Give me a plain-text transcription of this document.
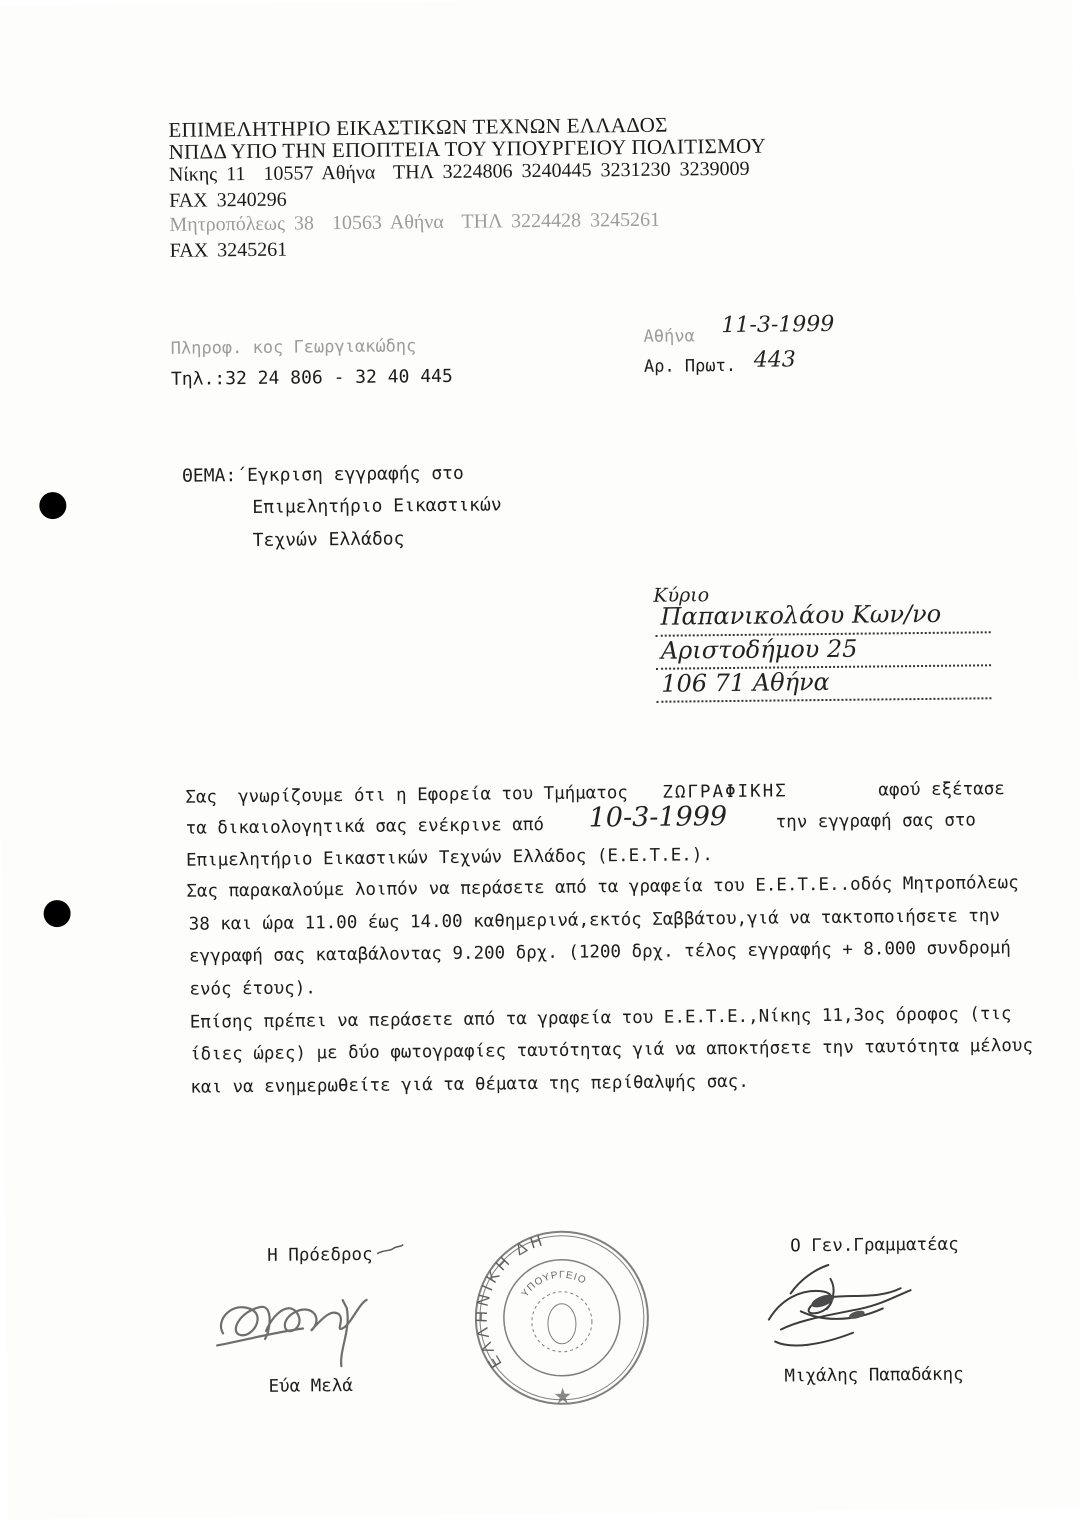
ΕΠΙΜΕΛΗΤΗΡΙΟ ΕΙΚΑΣΤΙΚΩΝ ΤΕΧΝΩΝ ΕΛΛΑΔΟΣ
ΝΠΔΔ ΥΠΟ ΤΗΝ ΕΠΟΠΤΕΙΑ ΤΟΥ ΥΠΟΥΡΓΕΙΟΥ ΠΟΛΙΤΙΣΜΟΥ
Νίκης 11  10557 Αθήνα  ΤΗΛ 3224806 3240445 3231230 3239009
FAX 3240296
Μητροπόλεως 38  10563 Αθήνα  ΤΗΛ 3224428 3245261
FAX 3245261
Πληροφ. κος Γεωργιακώδης
Τηλ.:32 24 806 - 32 40 445
Αθήνα 11-3-1999
Αρ. Πρωτ. 443
ΘΕΜΑ:΄Εγκριση εγγραφής στο
Επιμελητήριο Εικαστικών
Τεχνών Ελλάδος
Κύριο
Παπανικολάου Κων/νο
Αριστοδήμου 25
106 71 Αθήνα
Σας  γνωρίζουμε ότι η Εφορεία του Τμήματος ΖΩΓΡΑΦΙΚΗΣ	αφού εξέτασε
τα δικαιολογητικά σας ενέκρινε από 10-3-1999	την εγγραφή σας στο
Επιμελητήριο Εικαστικών Τεχνών Ελλάδος (Ε.Ε.Τ.Ε.).
Σας παρακαλούμε λοιπόν να περάσετε από τα γραφεία του Ε.Ε.Τ.Ε..οδός Μητροπόλεως
38 και ώρα 11.00 έως 14.00 καθημερινά,εκτός Σαββάτου,γιά να τακτοποιήσετε την
εγγραφή σας καταβάλοντας 9.200 δρχ. (1200 δρχ. τέλος εγγραφής + 8.000 συνδρομή
ενός έτους).
Επίσης πρέπει να περάσετε από τα γραφεία του Ε.Ε.Τ.Ε.,Νίκης 11,3ος όροφος (τις
ίδιες ώρες) με δύο φωτογραφίες ταυτότητας γιά να αποκτήσετε την ταυτότητα μέλους
και να ενημερωθείτε γιά τα θέματα της περίθαλψής σας.
Η Πρόεδρος
Εύα Μελά
ΕΛΛΗΝΙΚΗ ΔΗ
ΥΠΟΥΡΓΕΙΟ
Ο Γεν.Γραμματέας
Μιχάλης Παπαδάκης
